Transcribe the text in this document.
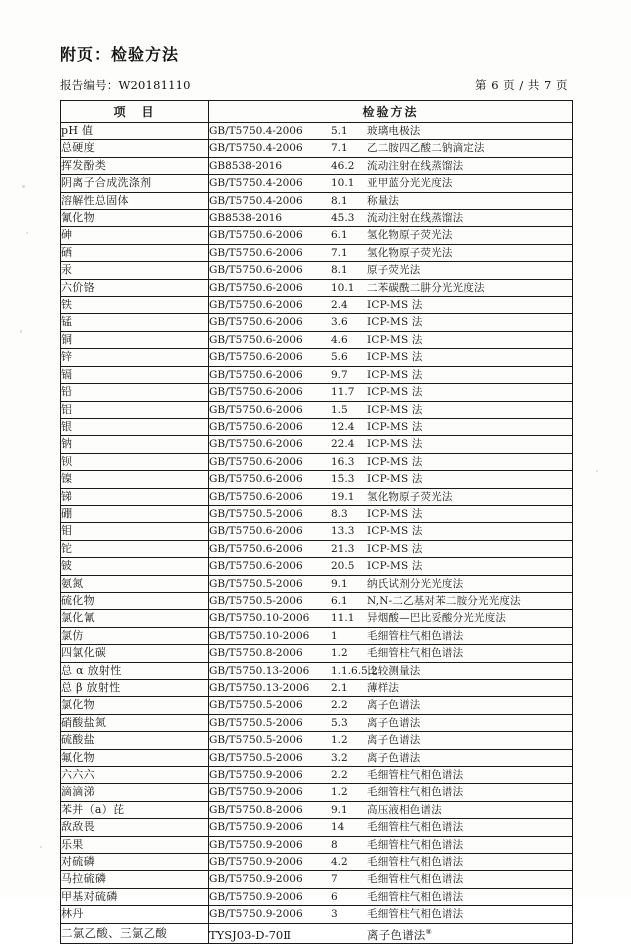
附页：检验方法
报告编号：W20181110	第 6 页 / 共 7 页
项　目	检验方法
pH 值	GB/T5750.4-2006 5.1 玻璃电极法
总硬度	GB/T5750.4-2006 7.1 乙二胺四乙酸二钠滴定法
挥发酚类	GB8538-2016 46.2 流动注射在线蒸馏法
阴离子合成洗涤剂	GB/T5750.4-2006 10.1 亚甲蓝分光光度法
溶解性总固体	GB/T5750.4-2006 8.1 称量法
氰化物	GB8538-2016 45.3 流动注射在线蒸馏法
砷	GB/T5750.6-2006 6.1 氢化物原子荧光法
硒	GB/T5750.6-2006 7.1 氢化物原子荧光法
汞	GB/T5750.6-2006 8.1 原子荧光法
六价铬	GB/T5750.6-2006 10.1 二苯碳酰二肼分光光度法
铁	GB/T5750.6-2006 2.4 ICP-MS 法
锰	GB/T5750.6-2006 3.6 ICP-MS 法
铜	GB/T5750.6-2006 4.6 ICP-MS 法
锌	GB/T5750.6-2006 5.6 ICP-MS 法
镉	GB/T5750.6-2006 9.7 ICP-MS 法
铅	GB/T5750.6-2006 11.7 ICP-MS 法
铝	GB/T5750.6-2006 1.5 ICP-MS 法
银	GB/T5750.6-2006 12.4 ICP-MS 法
钠	GB/T5750.6-2006 22.4 ICP-MS 法
钡	GB/T5750.6-2006 16.3 ICP-MS 法
镍	GB/T5750.6-2006 15.3 ICP-MS 法
锑	GB/T5750.6-2006 19.1 氢化物原子荧光法
硼	GB/T5750.5-2006 8.3 ICP-MS 法
钼	GB/T5750.6-2006 13.3 ICP-MS 法
铊	GB/T5750.6-2006 21.3 ICP-MS 法
铍	GB/T5750.6-2006 20.5 ICP-MS 法
氨氮	GB/T5750.5-2006 9.1 纳氏试剂分光光度法
硫化物	GB/T5750.5-2006 6.1 N,N-二乙基对苯二胺分光光度法
氯化氰	GB/T5750.10-2006 11.1 异烟酸—巴比妥酸分光光度法
氯仿	GB/T5750.10-2006 1 毛细管柱气相色谱法
四氯化碳	GB/T5750.8-2006 1.2 毛细管柱气相色谱法
总 α 放射性	GB/T5750.13-2006 1.1.6.5.2比较测量法
总 β 放射性	GB/T5750.13-2006 2.1 薄样法
氯化物	GB/T5750.5-2006 2.2 离子色谱法
硝酸盐氮	GB/T5750.5-2006 5.3 离子色谱法
硫酸盐	GB/T5750.5-2006 1.2 离子色谱法
氟化物	GB/T5750.5-2006 3.2 离子色谱法
六六六	GB/T5750.9-2006 2.2 毛细管柱气相色谱法
滴滴涕	GB/T5750.9-2006 1.2 毛细管柱气相色谱法
苯并（a）芘	GB/T5750.8-2006 9.1 高压液相色谱法
敌敌畏	GB/T5750.9-2006 14 毛细管柱气相色谱法
乐果	GB/T5750.9-2006 8 毛细管柱气相色谱法
对硫磷	GB/T5750.9-2006 4.2 毛细管柱气相色谱法
马拉硫磷	GB/T5750.9-2006 7 毛细管柱气相色谱法
甲基对硫磷	GB/T5750.9-2006 6 毛细管柱气相色谱法
林丹	GB/T5750.9-2006 3 毛细管柱气相色谱法
二氯乙酸、三氯乙酸	TYSJ03-D-70Ⅱ 离子色谱法⑧
